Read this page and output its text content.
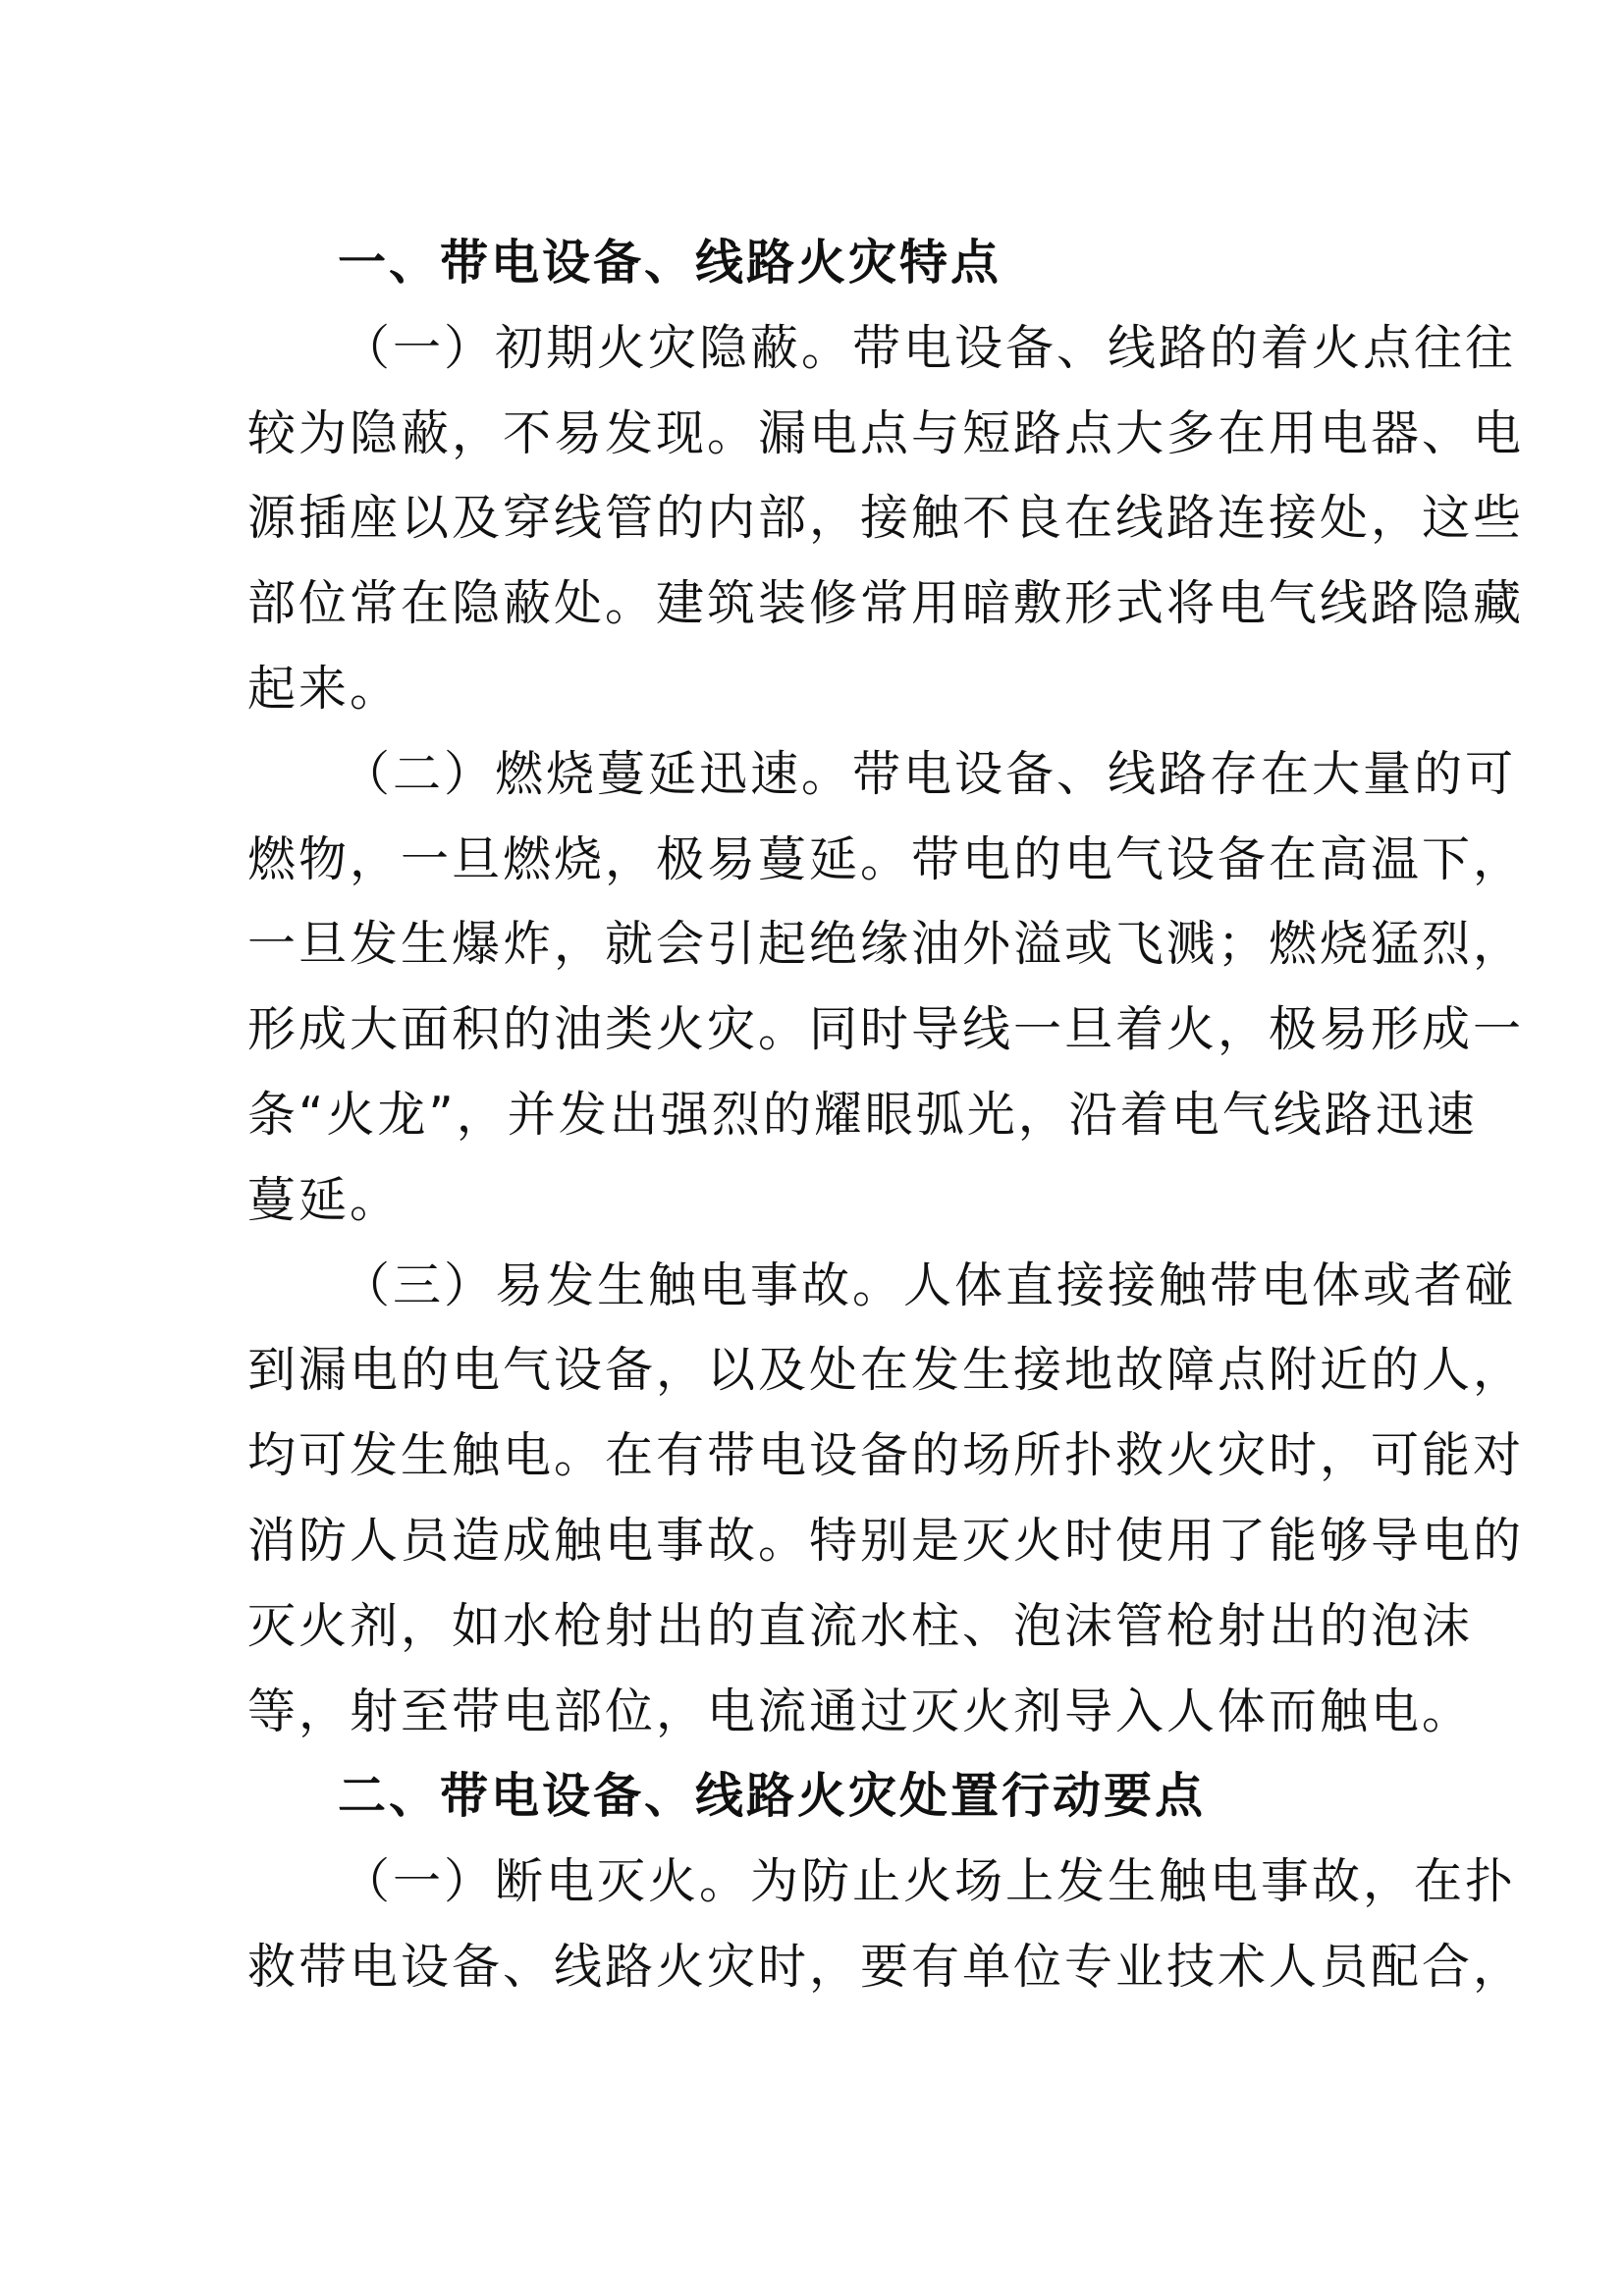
一、带电设备、线路火灾特点
（一）初期火灾隐蔽。带电设备、线路的着火点往往
较为隐蔽，不易发现。漏电点与短路点大多在用电器、电
源插座以及穿线管的内部，接触不良在线路连接处，这些
部位常在隐蔽处。建筑装修常用暗敷形式将电气线路隐藏
起来。
（二）燃烧蔓延迅速。带电设备、线路存在大量的可
燃物，一旦燃烧，极易蔓延。带电的电气设备在高温下，
一旦发生爆炸，就会引起绝缘油外溢或飞溅；燃烧猛烈，
形成大面积的油类火灾。同时导线一旦着火，极易形成一
条“火龙”，并发出强烈的耀眼弧光，沿着电气线路迅速
蔓延。
（三）易发生触电事故。人体直接接触带电体或者碰
到漏电的电气设备，以及处在发生接地故障点附近的人，
均可发生触电。在有带电设备的场所扑救火灾时，可能对
消防人员造成触电事故。特别是灭火时使用了能够导电的
灭火剂，如水枪射出的直流水柱、泡沫管枪射出的泡沫
等，射至带电部位，电流通过灭火剂导入人体而触电。
二、带电设备、线路火灾处置行动要点
（一）断电灭火。为防止火场上发生触电事故，在扑
救带电设备、线路火灾时，要有单位专业技术人员配合，
